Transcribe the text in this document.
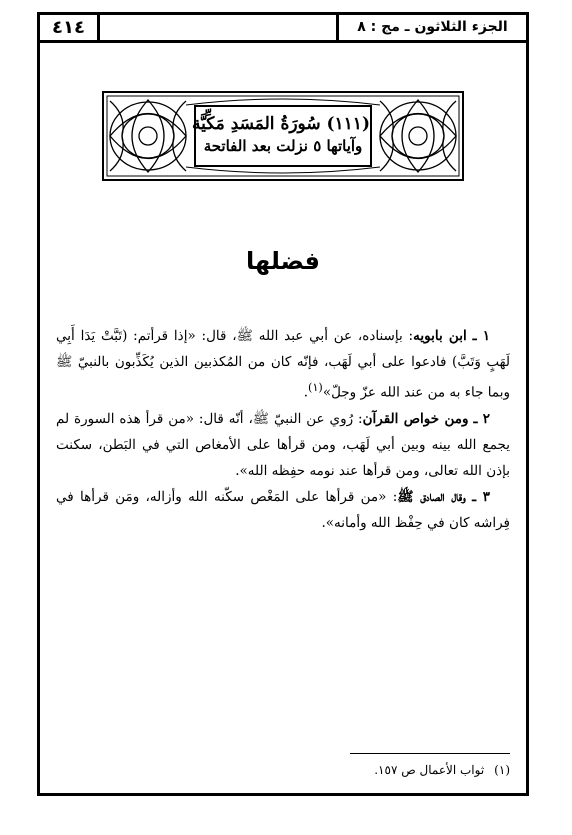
٤١٤	الجزء الثلاثون ـ مج : ٨
(١١١) سُورَةُ المَسَدِ مَكِّيَّة
وآياتها ٥ نزلت بعد الفاتحة
فضلها

١ ـ ابن بابويه: بإسناده، عن أبي عبد الله ﷺ، قال: «إذا قرأتم: (تَبَّتْ يَدَا أَبِي لَهَبٍ وَتَبَّ) فادعوا على أبي لَهَب، فإنّه كان من المُكذبين الذين يُكَذِّبون بالنبيّ ﷺ وبما جاء به من عند الله عزّ وجلّ»$^{(١)}$.

٢ ـ ومن خواص القرآن: رُوي عن النبيّ ﷺ، أنّه قال: «من قرأ هذه السورة لم يجمع الله بينه وبين أبي لَهَب، ومن قرأها على الأمغاص التي في البَطن، سكنت بإذن الله تعالى، ومن قرأها عند نومه حفِظه الله».

٣ ـ وقال الصادق ﷺ: «من قرأها على المَغْص سكّنه الله وأزاله، ومَن قرأها في فِراشه كان في حِفْظ الله وأمانه».

(١)ثواب الأعمال ص ١٥٧.
